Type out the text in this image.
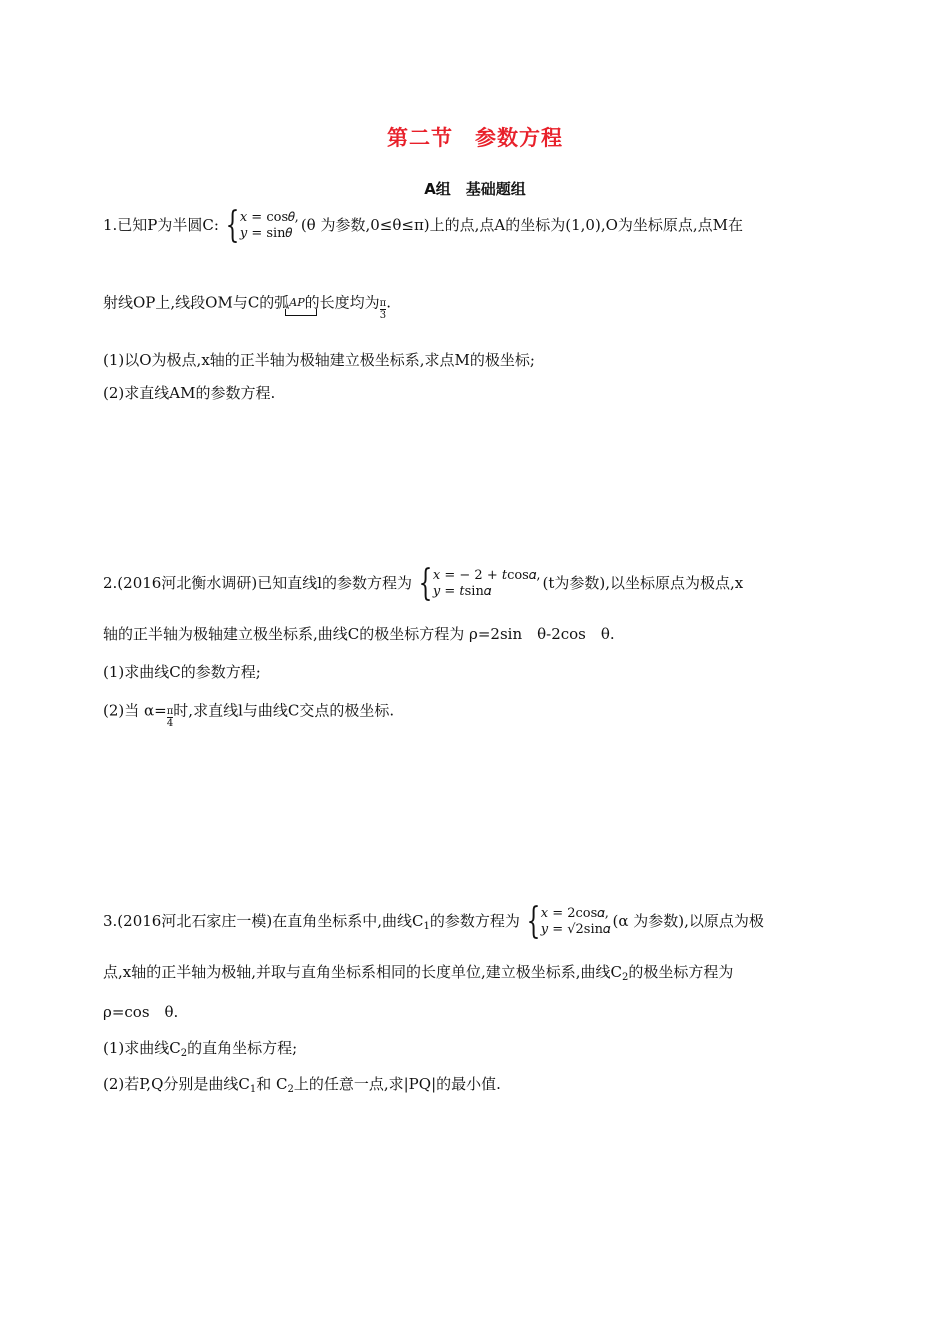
第二节　参数方程
A组　基础题组
1.已知P为半圆C: { 𝑥 = cos𝜃,
𝑦 = sin𝜃 (θ 为参数,0≤θ≤π)上的点,点A的坐标为(1,0),O为坐标原点,点M在
射线OP上,线段OM与C的弧𝐴𝑃
的长度均为 $\frac{\pi}{3}$ .
(1)以O为极点,x轴的正半轴为极轴建立极坐标系,求点M的极坐标;
(2)求直线AM的参数方程.
2.(2016河北衡水调研)已知直线l的参数方程为 { 𝑥 = − 2 + 𝑡cos𝛼,
𝑦 = 𝑡sin𝛼	(t为参数),以坐标原点为极点,x
轴的正半轴为极轴建立极坐标系,曲线C的极坐标方程为 ρ=2sin　θ-2cos　θ.
(1)求曲线C的参数方程;
(2)当 $\alpha= \frac{\pi}{4}$ 时,求直线l与曲线C交点的极坐标.
3.(2016河北石家庄一模)在直角坐标系中,曲线$C_1$的参数方程为 { 𝑥 = 2cos𝛼,
𝑦 = √2sin𝛼 (α 为参数),以原点为极
点,x轴的正半轴为极轴,并取与直角坐标系相同的长度单位,建立极坐标系,曲线$C_2$的极坐标方程为
ρ=cos　θ.
(1)求曲线$C_2$的直角坐标方程;
(2)若P,Q分别是曲线$C_1$和 $C_2$上的任意一点,求|PQ|的最小值.
